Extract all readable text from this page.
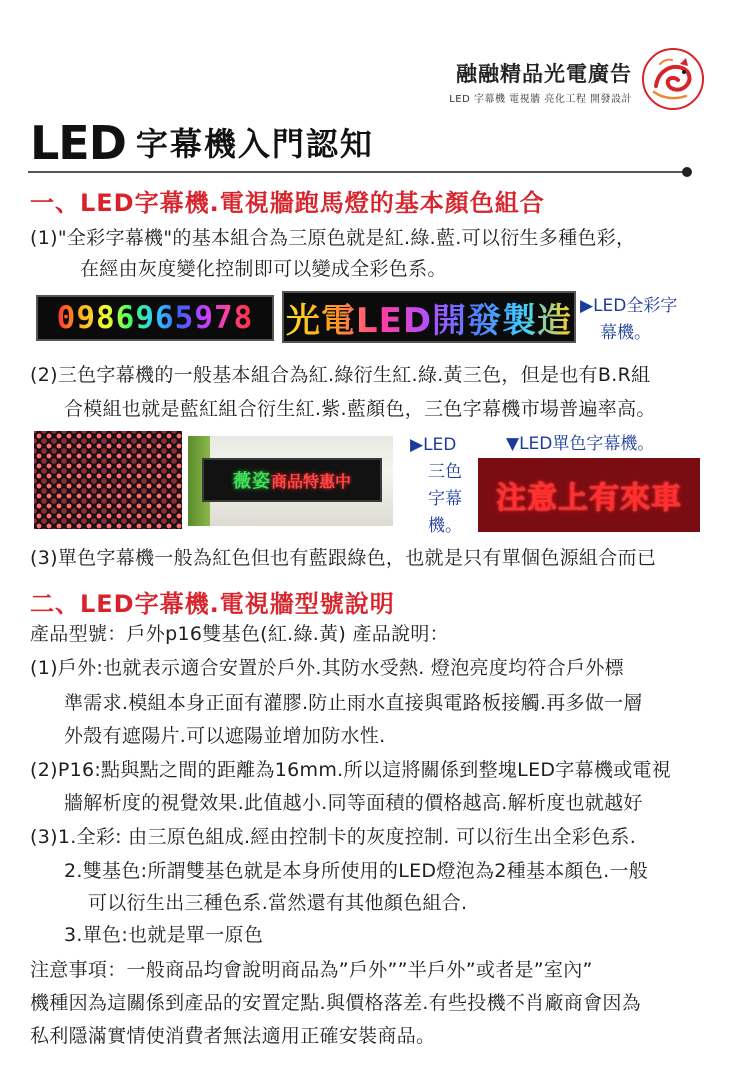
融融精品光電廣告
LED 字幕機 電視牆 亮化工程 開發設計
LED 字幕機入門認知
一、LED字幕機.電視牆跑馬燈的基本顏色組合
(1)"全彩字幕機"的基本組合為三原色就是紅.綠.藍.可以衍生多種色彩，
在經由灰度變化控制即可以變成全彩色系。
0986965978 光電LED開發製造 ▶LED全彩字
幕機。
(2)三色字幕機的一般基本組合為紅.綠衍生紅.綠.黃三色，但是也有B.R組
合模組也就是藍紅組合衍生紅.紫.藍顏色，三色字幕機市場普遍率高。
薇姿 商品特惠中
▶LED
三色
字幕
機。
▼LED單色字幕機。
注意上有來車
(3)單色字幕機一般為紅色但也有藍跟綠色，也就是只有單個色源組合而已
二、LED字幕機.電視牆型號說明
產品型號：戶外p16雙基色(紅.綠.黃) 產品說明：
(1)戶外:也就表示適合安置於戶外.其防水受熱. 燈泡亮度均符合戶外標
準需求.模組本身正面有灌膠.防止雨水直接與電路板接觸.再多做一層
外殼有遮陽片.可以遮陽並增加防水性.
(2)P16:點與點之間的距離為16mm.所以這將關係到整塊LED字幕機或電視
牆解析度的視覺效果.此值越小.同等面積的價格越高.解析度也就越好
(3)1.全彩: 由三原色組成.經由控制卡的灰度控制. 可以衍生出全彩色系.
2.雙基色:所謂雙基色就是本身所使用的LED燈泡為2種基本顏色.一般
可以衍生出三種色系.當然還有其他顏色組合.
3.單色:也就是單一原色
注意事項：一般商品均會說明商品為”戶外””半戶外”或者是”室內”
機種因為這關係到產品的安置定點.與價格落差.有些投機不肖廠商會因為
私利隱滿實情使消費者無法適用正確安裝商品。
